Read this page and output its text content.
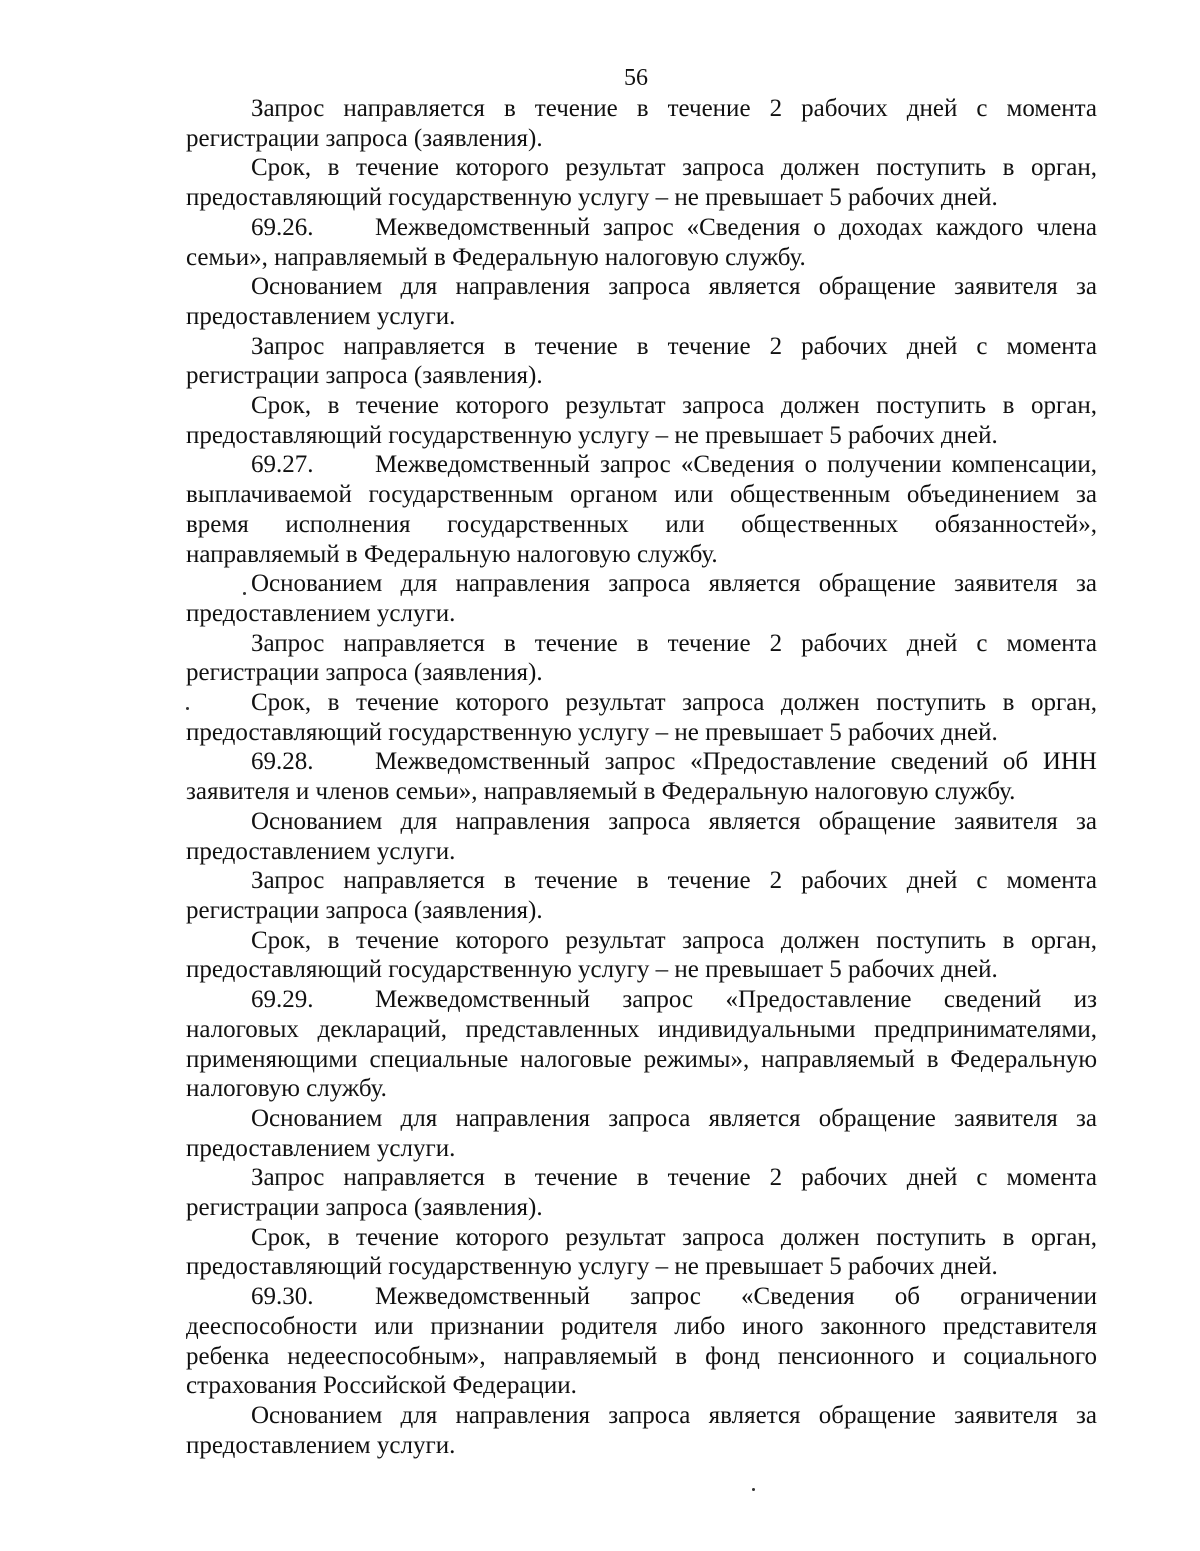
56

Запрос направляется в течение в течение 2 рабочих дней с момента регистрации запроса (заявления).

Срок, в течение которого результат запроса должен поступить в орган, предоставляющий государственную услугу – не превышает 5 рабочих дней.

69.26. Межведомственный запрос «Сведения о доходах каждого члена семьи», направляемый в Федеральную налоговую службу.

Основанием для направления запроса является обращение заявителя за предоставлением услуги.

Запрос направляется в течение в течение 2 рабочих дней с момента регистрации запроса (заявления).

Срок, в течение которого результат запроса должен поступить в орган, предоставляющий государственную услугу – не превышает 5 рабочих дней.

69.27. Межведомственный запрос «Сведения о получении компенсации, выплачиваемой государственным органом или общественным объединением за время исполнения государственных или общественных обязанностей», направляемый в Федеральную налоговую службу.

Основанием для направления запроса является обращение заявителя за предоставлением услуги.

Запрос направляется в течение в течение 2 рабочих дней с момента регистрации запроса (заявления).

Срок, в течение которого результат запроса должен поступить в орган, предоставляющий государственную услугу – не превышает 5 рабочих дней.

69.28. Межведомственный запрос «Предоставление сведений об ИНН заявителя и членов семьи», направляемый в Федеральную налоговую службу.

Основанием для направления запроса является обращение заявителя за предоставлением услуги.

Запрос направляется в течение в течение 2 рабочих дней с момента регистрации запроса (заявления).

Срок, в течение которого результат запроса должен поступить в орган, предоставляющий государственную услугу – не превышает 5 рабочих дней.

69.29. Межведомственный запрос «Предоставление сведений из налоговых деклараций, представленных индивидуальными предпринимателями, применяющими специальные налоговые режимы», направляемый в Федеральную налоговую службу.

Основанием для направления запроса является обращение заявителя за предоставлением услуги.

Запрос направляется в течение в течение 2 рабочих дней с момента регистрации запроса (заявления).

Срок, в течение которого результат запроса должен поступить в орган, предоставляющий государственную услугу – не превышает 5 рабочих дней.

69.30. Межведомственный запрос «Сведения об ограничении дееспособности или признании родителя либо иного законного представителя ребенка недееспособным», направляемый в фонд пенсионного и социального страхования Российской Федерации.

Основанием для направления запроса является обращение заявителя за предоставлением услуги.
